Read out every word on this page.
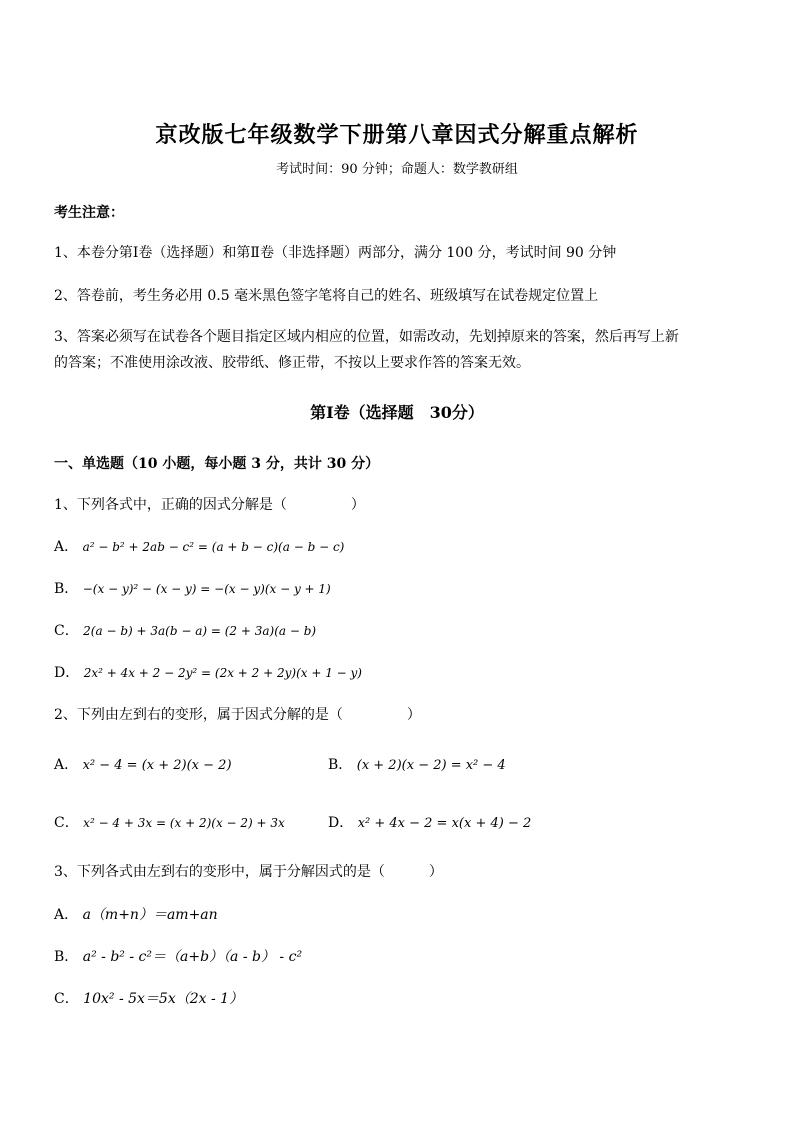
京改版七年级数学下册第八章因式分解重点解析
考试时间：90 分钟；命题人：数学教研组
考生注意：
1、本卷分第Ⅰ卷（选择题）和第Ⅱ卷（非选择题）两部分，满分 100 分，考试时间 90 分钟
2、答卷前，考生务必用 0.5 毫米黑色签字笔将自己的姓名、班级填写在试卷规定位置上
3、答案必须写在试卷各个题目指定区域内相应的位置，如需改动，先划掉原来的答案，然后再写上新
的答案；不准使用涂改液、胶带纸、修正带，不按以上要求作答的答案无效。
第Ⅰ卷（选择题　30分）
一、单选题（10 小题，每小题 3 分，共计 30 分）
1、下列各式中，正确的因式分解是（	）
A． a² − b² + 2ab − c² = (a + b − c)(a − b − c)
B． −(x − y)² − (x − y) = −(x − y)(x − y + 1)
C． 2(a − b) + 3a(b − a) = (2 + 3a)(a − b)
D． 2x² + 4x + 2 − 2y² = (2x + 2 + 2y)(x + 1 − y)
2、下列由左到右的变形，属于因式分解的是（	）
A． x² − 4 = (x + 2)(x − 2)	B． (x + 2)(x − 2) = x² − 4
C． x² − 4 + 3x = (x + 2)(x − 2) + 3x	D． x² + 4x − 2 = x(x + 4) − 2
3、下列各式由左到右的变形中，属于分解因式的是（	）
A． a（m+n）＝am+an
B． a² - b² - c²＝（a+b）（a - b） - c²
C． 10x² - 5x＝5x（2x - 1）
